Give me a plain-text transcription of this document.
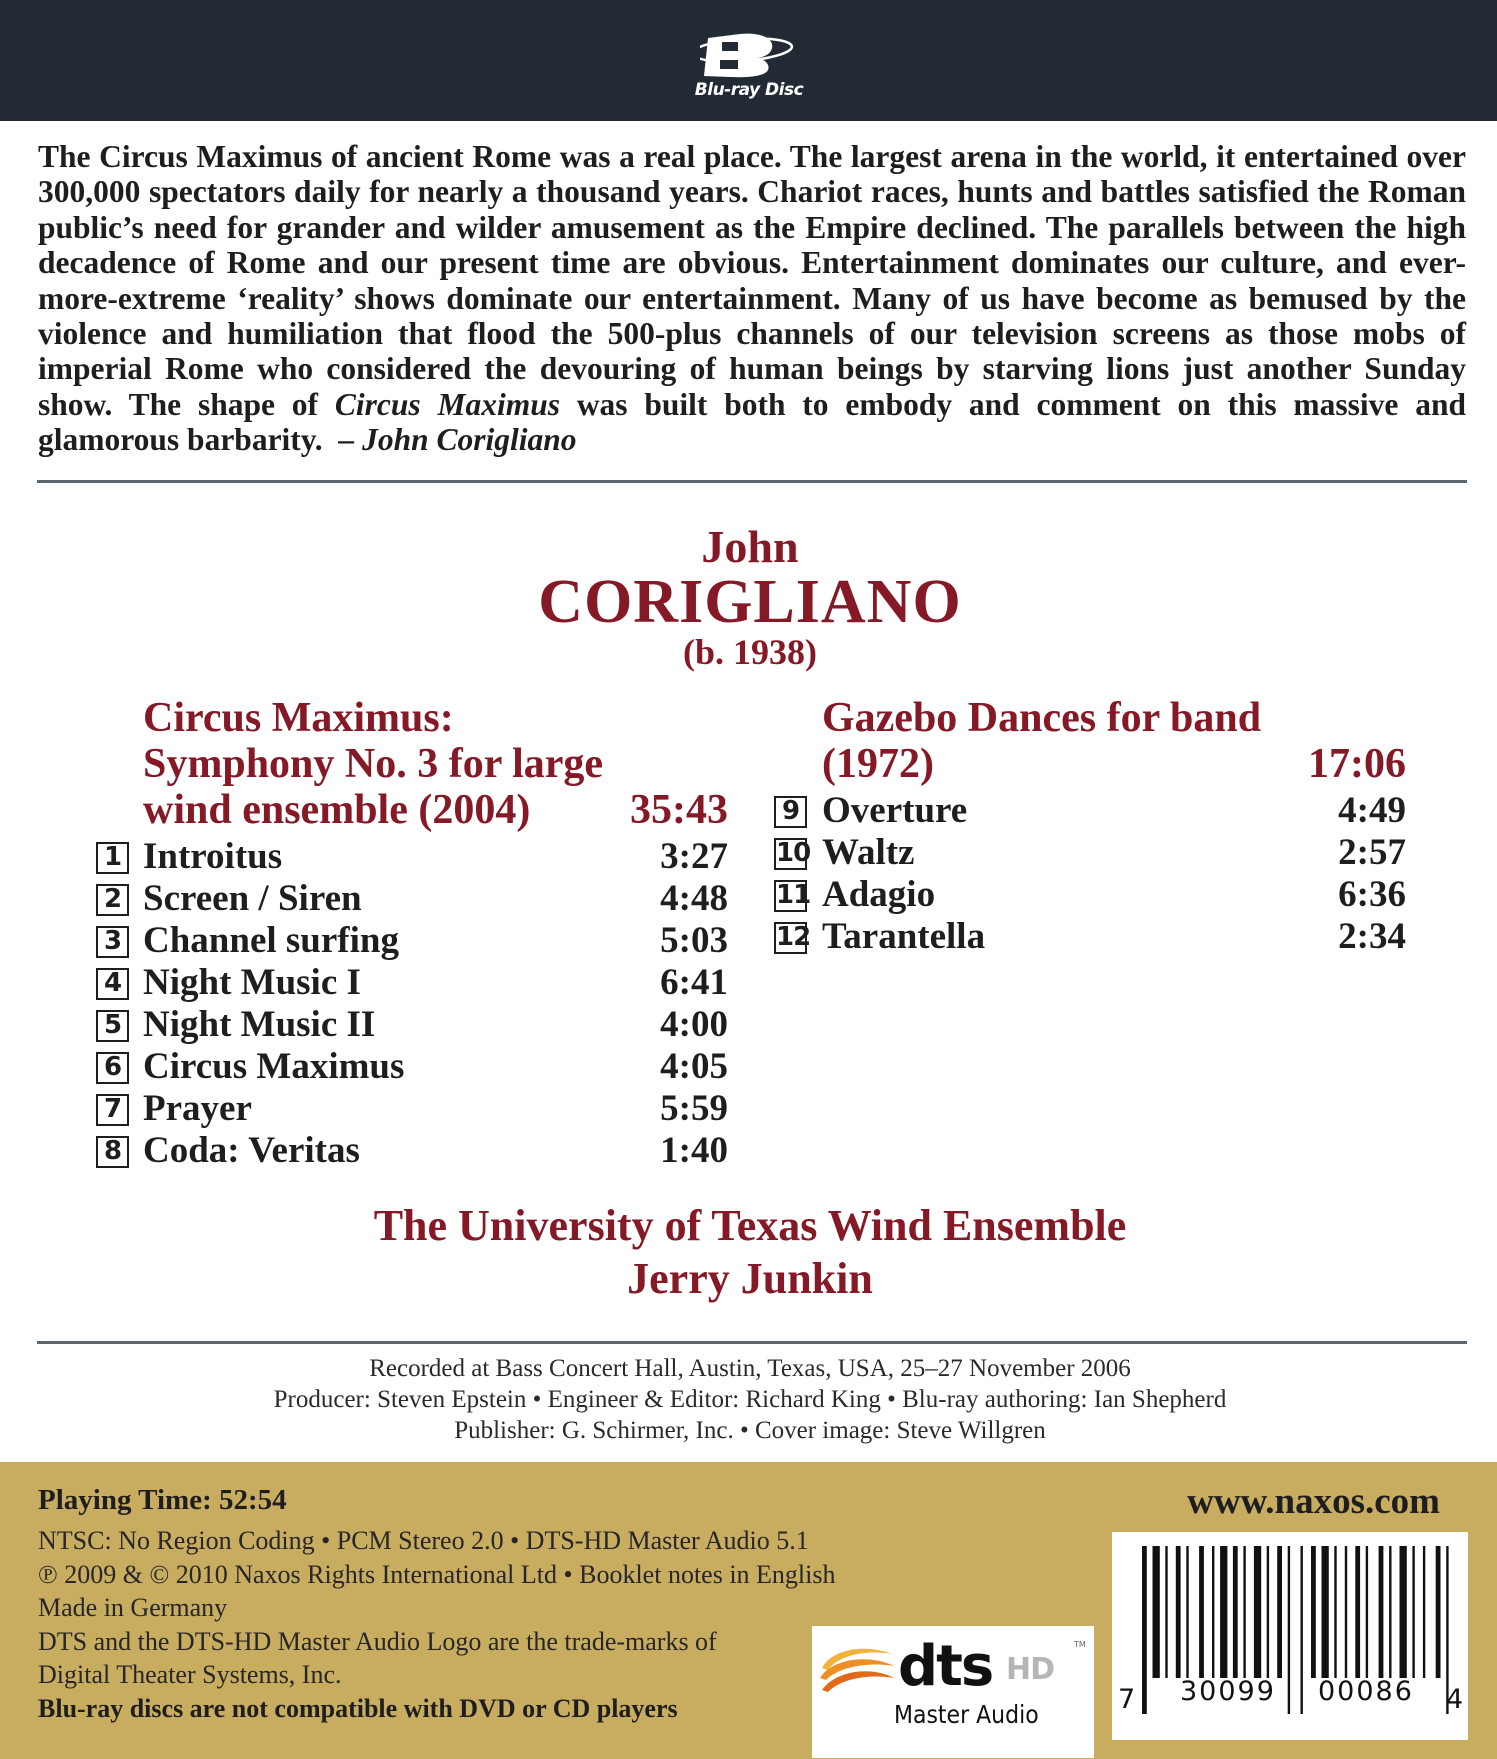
Blu-ray Disc

The Circus Maximus of ancient Rome was a real place. The largest arena in the world, it entertained over 300,000 spectators daily for nearly a thousand years. Chariot races, hunts and battles satisfied the Roman public’s need for grander and wilder amusement as the Empire declined. The parallels between the high decadence of Rome and our present time are obvious. Entertainment dominates our culture, and ever-more-extreme ‘reality’ shows dominate our entertainment. Many of us have become as bemused by the violence and humiliation that flood the 500-plus channels of our television screens as those mobs of imperial Rome who considered the devouring of human beings by starving lions just another Sunday show. The shape of Circus Maximus was built both to embody and comment on this massive and glamorous barbarity. – John Corigliano

John
CORIGLIANO
(b. 1938)
Circus Maximus:
Symphony No. 3 for large
wind ensemble (2004)	35:43
1 Introitus	3:27
2 Screen / Siren	4:48
3 Channel surfing	5:03
4 Night Music I	6:41
5 Night Music II	4:00
6 Circus Maximus	4:05
7 Prayer	5:59
8 Coda: Veritas	1:40
Gazebo Dances for band
(1972)	17:06
9 Overture	4:49
10 Waltz	2:57
11 Adagio	6:36
12 Tarantella	2:34
The University of Texas Wind Ensemble
Jerry Junkin
Recorded at Bass Concert Hall, Austin, Texas, USA, 25–27 November 2006
Producer: Steven Epstein • Engineer & Editor: Richard King • Blu-ray authoring: Ian Shepherd
Publisher: G. Schirmer, Inc. • Cover image: Steve Willgren
Playing Time: 52:54	www.naxos.com
NTSC: No Region Coding • PCM Stereo 2.0 • DTS-HD Master Audio 5.1
℗ 2009 & © 2010 Naxos Rights International Ltd • Booklet notes in English
Made in Germany
DTS and the DTS-HD Master Audio Logo are the trade-marks of
Digital Theater Systems, Inc.
Blu-ray discs are not compatible with DVD or CD players
dts HD
TM
Master Audio	7 30099 00086 4
